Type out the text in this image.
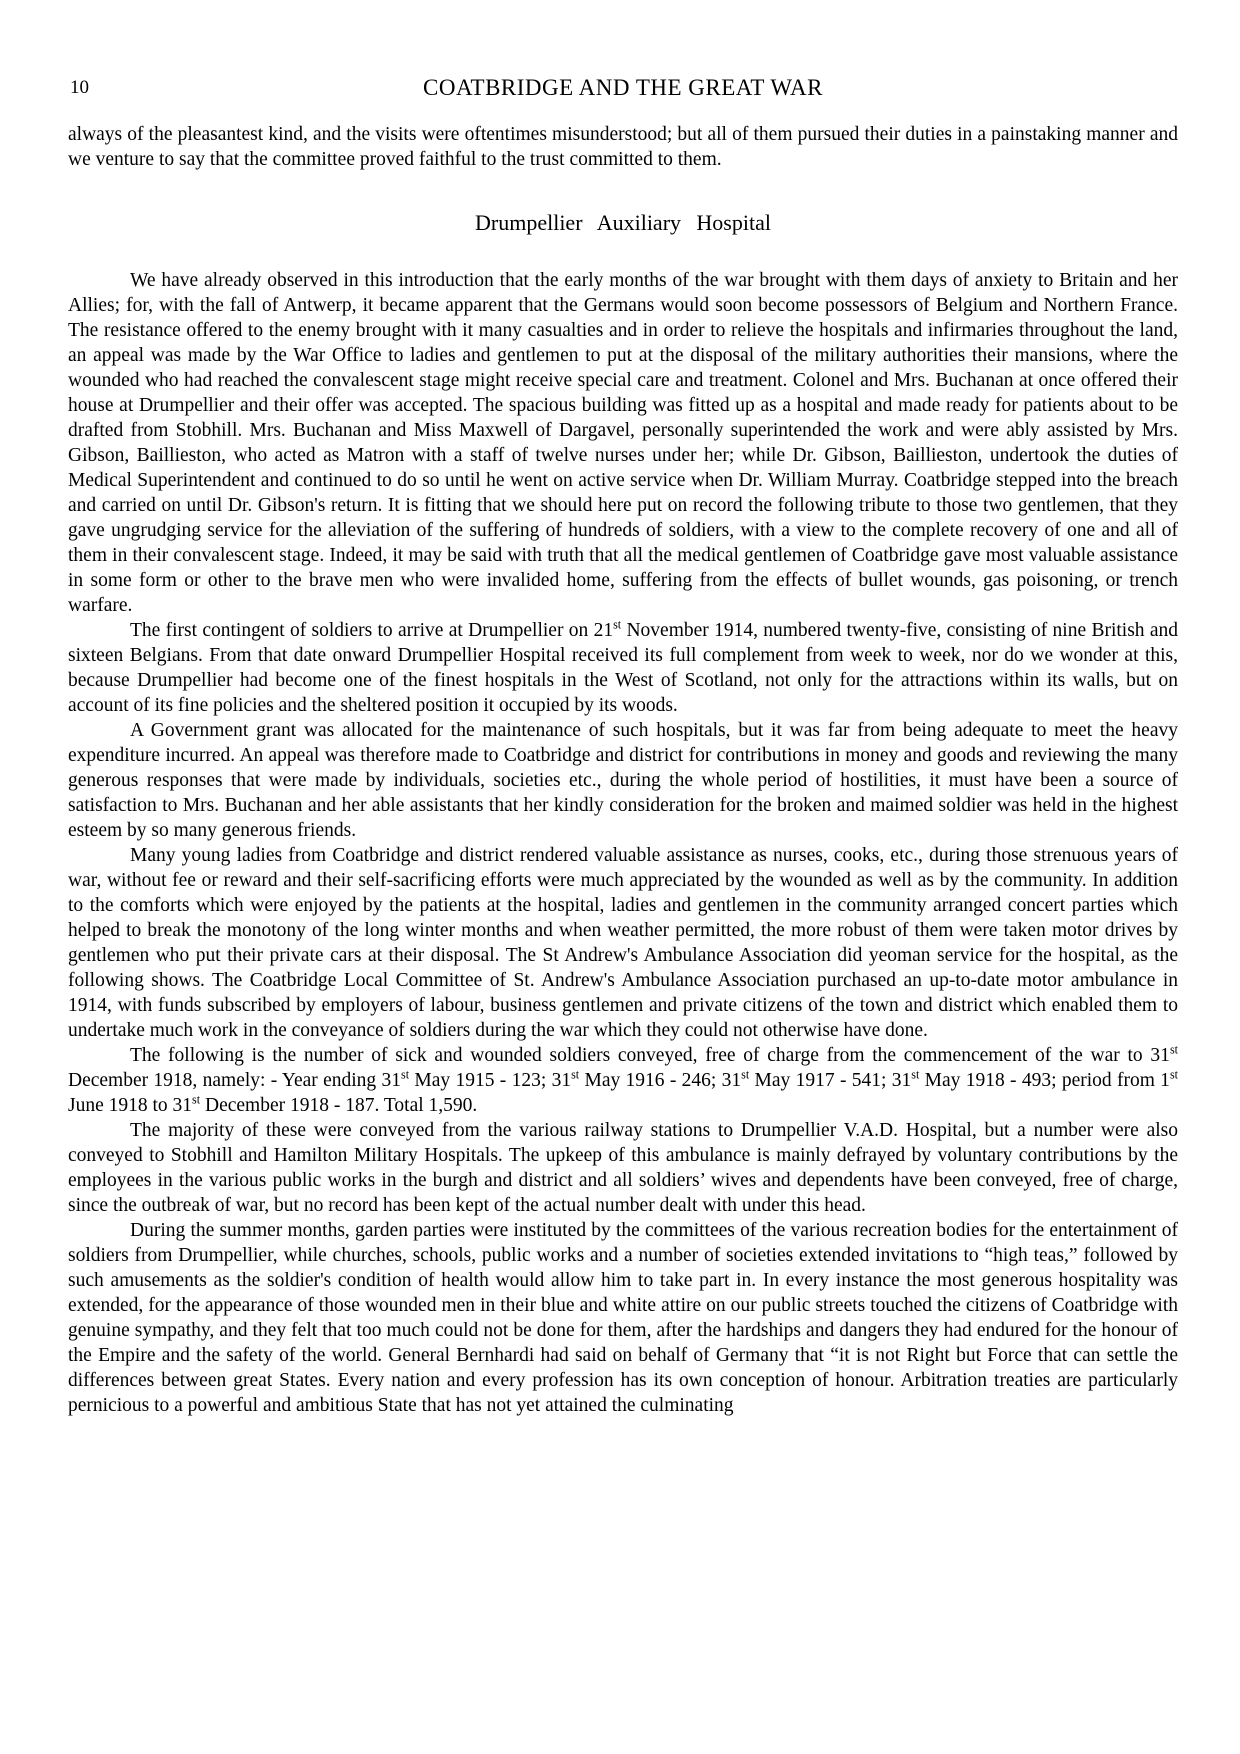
10	COATBRIDGE AND THE GREAT WAR

always of the pleasantest kind, and the visits were oftentimes misunderstood; but all of them pursued their duties in a painstaking manner and we venture to say that the committee proved faithful to the trust committed to them.

Drumpellier Auxiliary Hospital

We have already observed in this introduction that the early months of the war brought with them days of anxiety to Britain and her Allies; for, with the fall of Antwerp, it became apparent that the Germans would soon become possessors of Belgium and Northern France. The resistance offered to the enemy brought with it many casualties and in order to relieve the hospitals and infirmaries throughout the land, an appeal was made by the War Office to ladies and gentlemen to put at the disposal of the military authorities their mansions, where the wounded who had reached the convalescent stage might receive special care and treatment. Colonel and Mrs. Buchanan at once offered their house at Drumpellier and their offer was accepted. The spacious building was fitted up as a hospital and made ready for patients about to be drafted from Stobhill. Mrs. Buchanan and Miss Maxwell of Dargavel, personally superintended the work and were ably assisted by Mrs. Gibson, Baillieston, who acted as Matron with a staff of twelve nurses under her; while Dr. Gibson, Baillieston, undertook the duties of Medical Superintendent and continued to do so until he went on active service when Dr. William Murray. Coatbridge stepped into the breach and carried on until Dr. Gibson's return. It is fitting that we should here put on record the following tribute to those two gentlemen, that they gave ungrudging service for the alleviation of the suffering of hundreds of soldiers, with a view to the complete recovery of one and all of them in their convalescent stage. Indeed, it may be said with truth that all the medical gentlemen of Coatbridge gave most valuable assistance in some form or other to the brave men who were invalided home, suffering from the effects of bullet wounds, gas poisoning, or trench warfare.

The first contingent of soldiers to arrive at Drumpellier on 21st November 1914, numbered twenty-five, consisting of nine British and sixteen Belgians. From that date onward Drumpellier Hospital received its full complement from week to week, nor do we wonder at this, because Drumpellier had become one of the finest hospitals in the West of Scotland, not only for the attractions within its walls, but on account of its fine policies and the sheltered position it occupied by its woods.

A Government grant was allocated for the maintenance of such hospitals, but it was far from being adequate to meet the heavy expenditure incurred. An appeal was therefore made to Coatbridge and district for contributions in money and goods and reviewing the many generous responses that were made by individuals, societies etc., during the whole period of hostilities, it must have been a source of satisfaction to Mrs. Buchanan and her able assistants that her kindly consideration for the broken and maimed soldier was held in the highest esteem by so many generous friends.

Many young ladies from Coatbridge and district rendered valuable assistance as nurses, cooks, etc., during those strenuous years of war, without fee or reward and their self-sacrificing efforts were much appreciated by the wounded as well as by the community. In addition to the comforts which were enjoyed by the patients at the hospital, ladies and gentlemen in the community arranged concert parties which helped to break the monotony of the long winter months and when weather permitted, the more robust of them were taken motor drives by gentlemen who put their private cars at their disposal. The St Andrew's Ambulance Association did yeoman service for the hospital, as the following shows. The Coatbridge Local Committee of St. Andrew's Ambulance Association purchased an up-to-date motor ambulance in 1914, with funds subscribed by employers of labour, business gentlemen and private citizens of the town and district which enabled them to undertake much work in the conveyance of soldiers during the war which they could not otherwise have done.

The following is the number of sick and wounded soldiers conveyed, free of charge from the commencement of the war to 31st December 1918, namely: - Year ending 31st May 1915 - 123; 31st May 1916 - 246; 31st May 1917 - 541; 31st May 1918 - 493; period from 1st June 1918 to 31st December 1918 - 187. Total 1,590.

The majority of these were conveyed from the various railway stations to Drumpellier V.A.D. Hospital, but a number were also conveyed to Stobhill and Hamilton Military Hospitals. The upkeep of this ambulance is mainly defrayed by voluntary contributions by the employees in the various public works in the burgh and district and all soldiers’ wives and dependents have been conveyed, free of charge, since the outbreak of war, but no record has been kept of the actual number dealt with under this head.

During the summer months, garden parties were instituted by the committees of the various recreation bodies for the entertainment of soldiers from Drumpellier, while churches, schools, public works and a number of societies extended invitations to “high teas,” followed by such amusements as the soldier's condition of health would allow him to take part in. In every instance the most generous hospitality was extended, for the appearance of those wounded men in their blue and white attire on our public streets touched the citizens of Coatbridge with genuine sympathy, and they felt that too much could not be done for them, after the hardships and dangers they had endured for the honour of the Empire and the safety of the world. General Bernhardi had said on behalf of Germany that “it is not Right but Force that can settle the differences between great States. Every nation and every profession has its own conception of honour. Arbitration treaties are particularly pernicious to a powerful and ambitious State that has not yet attained the culminating
